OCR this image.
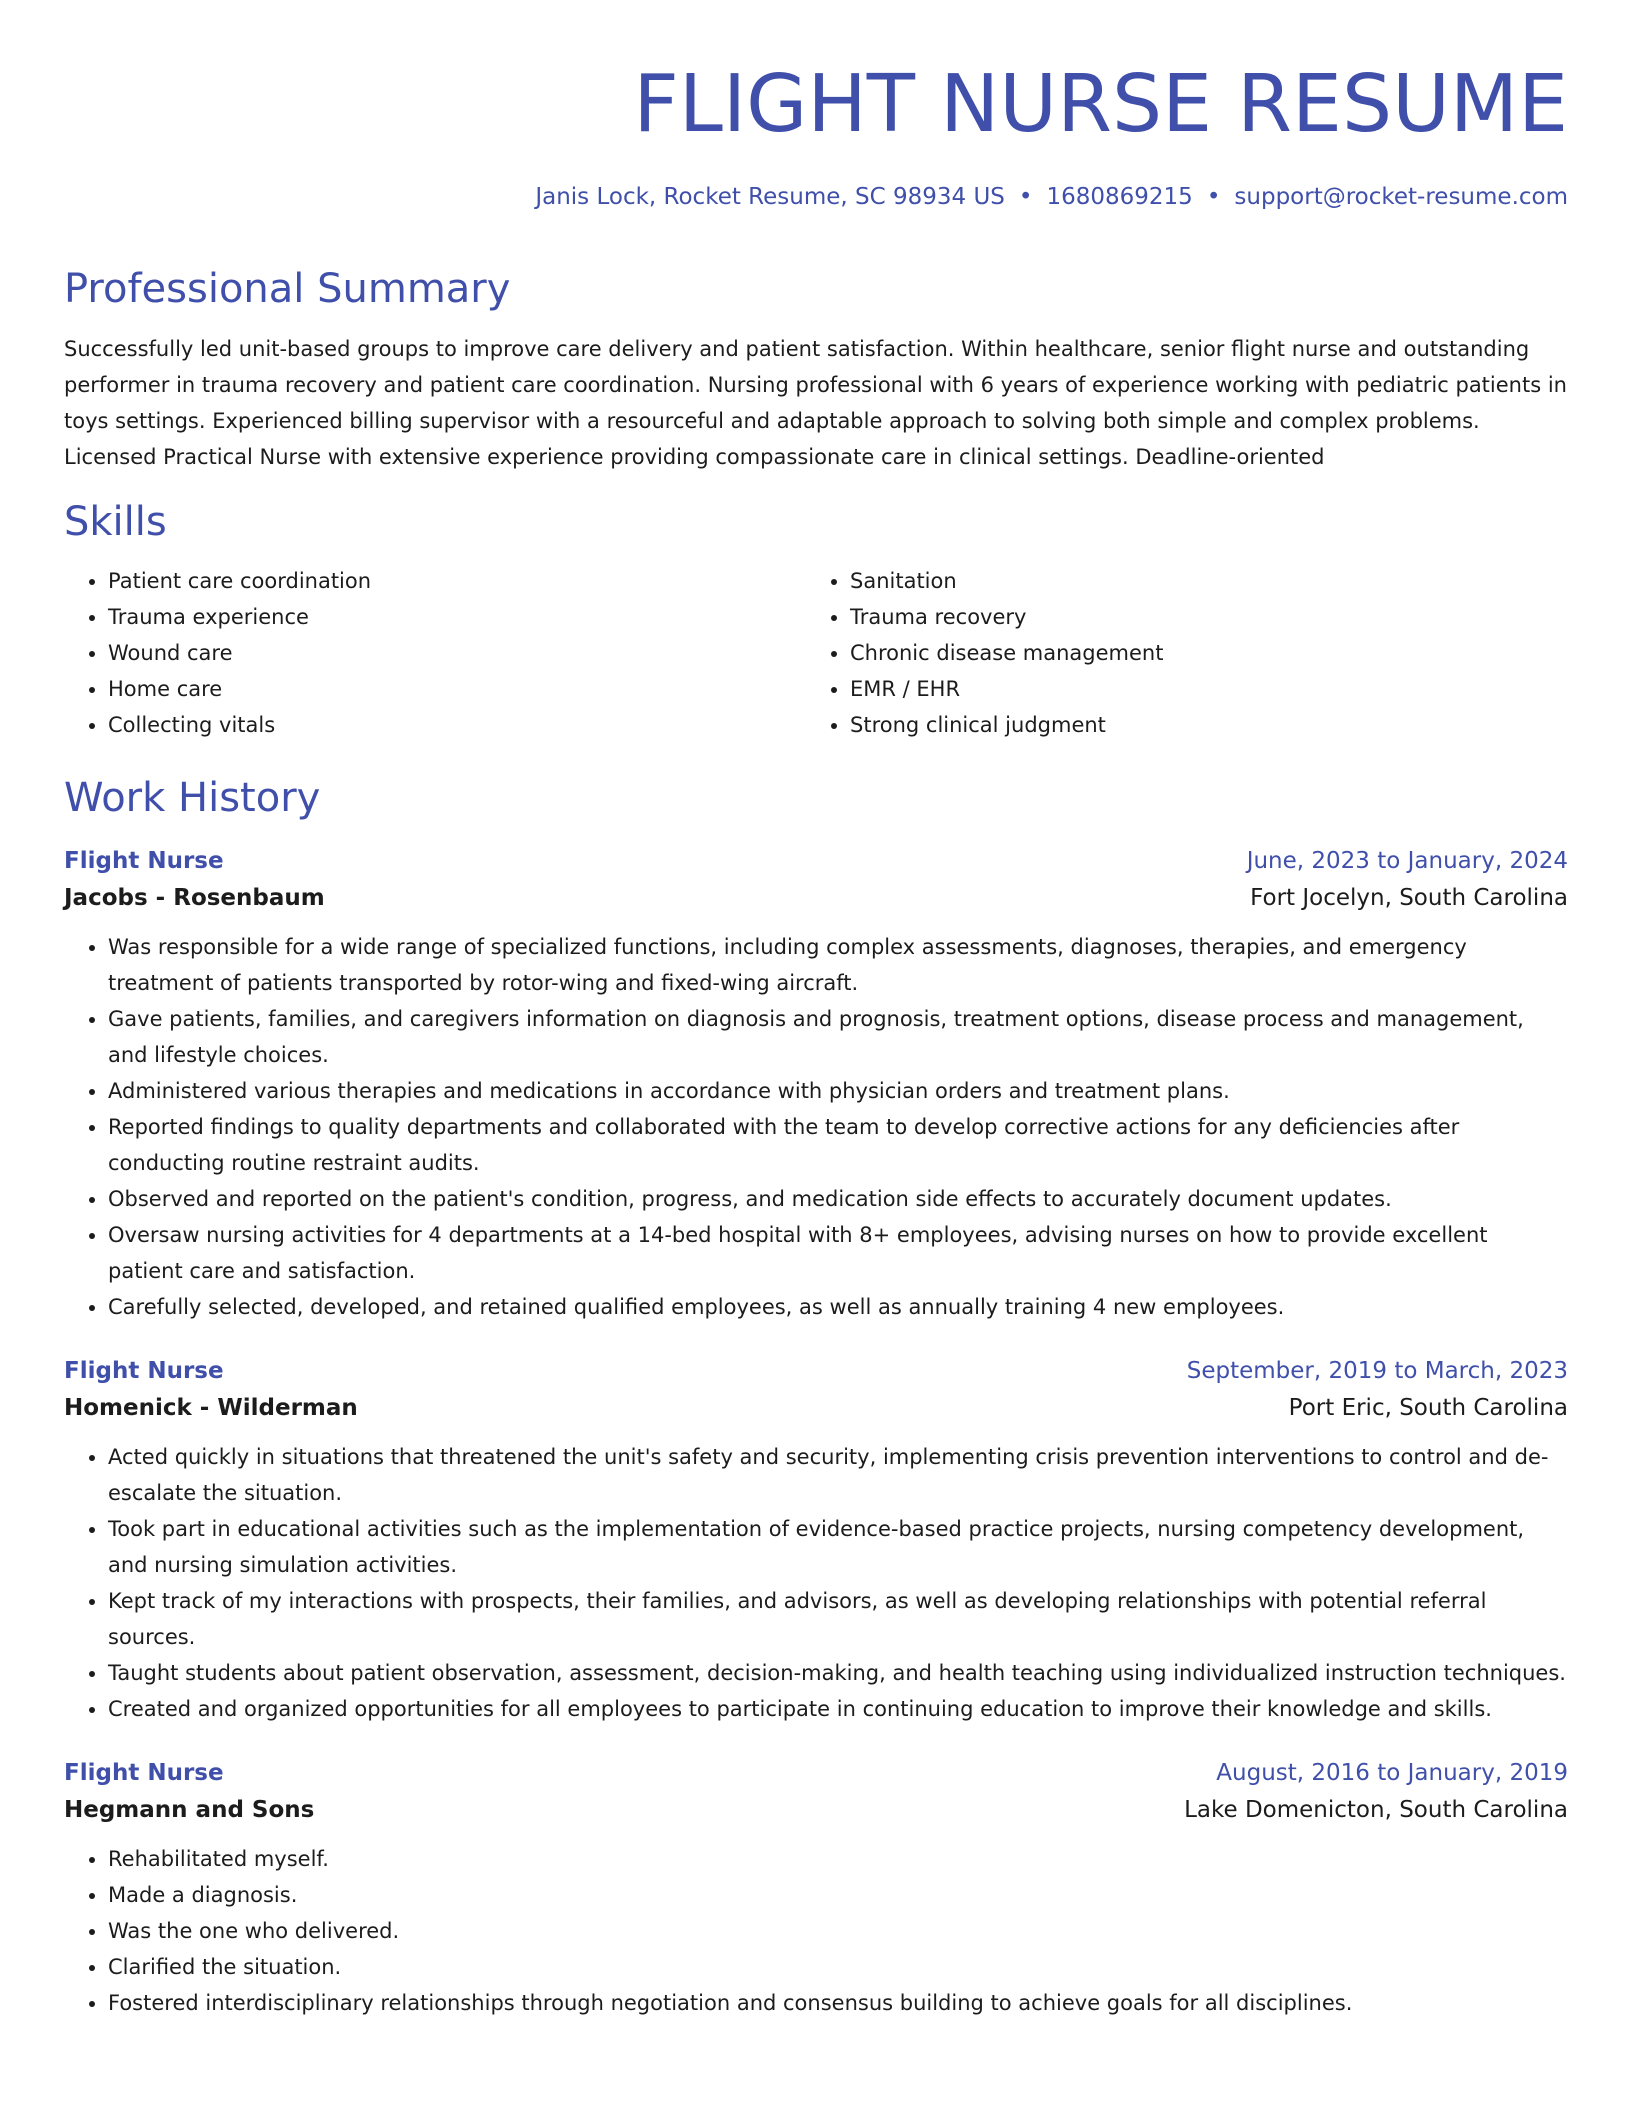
FLIGHT NURSE RESUME
Janis Lock, Rocket Resume, SC 98934 US • 1680869215 • support@rocket-resume.com
Professional Summary

Successfully led unit-based groups to improve care delivery and patient satisfaction. Within healthcare, senior flight nurse and outstanding performer in trauma recovery and patient care coordination. Nursing professional with 6 years of experience working with pediatric patients in toys settings. Experienced billing supervisor with a resourceful and adaptable approach to solving both simple and complex problems. Licensed Practical Nurse with extensive experience providing compassionate care in clinical settings. Deadline-oriented

Skills
• Patient care coordination
• Trauma experience
• Wound care
• Home care
• Collecting vitals
• Sanitation
• Trauma recovery
• Chronic disease management
• EMR / EHR
• Strong clinical judgment
Work History
Flight Nurse	June, 2023 to January, 2024
Jacobs - Rosenbaum	Fort Jocelyn, South Carolina
• Was responsible for a wide range of specialized functions, including complex assessments, diagnoses, therapies, and emergency treatment of patients transported by rotor-wing and fixed-wing aircraft.
• Gave patients, families, and caregivers information on diagnosis and prognosis, treatment options, disease process and management, and lifestyle choices.
• Administered various therapies and medications in accordance with physician orders and treatment plans.
• Reported findings to quality departments and collaborated with the team to develop corrective actions for any deficiencies after conducting routine restraint audits.
• Observed and reported on the patient's condition, progress, and medication side effects to accurately document updates.
• Oversaw nursing activities for 4 departments at a 14-bed hospital with 8+ employees, advising nurses on how to provide excellent patient care and satisfaction.
• Carefully selected, developed, and retained qualified employees, as well as annually training 4 new employees.
Flight Nurse	September, 2019 to March, 2023
Homenick - Wilderman	Port Eric, South Carolina
• Acted quickly in situations that threatened the unit's safety and security, implementing crisis prevention interventions to control and de-escalate the situation.
• Took part in educational activities such as the implementation of evidence-based practice projects, nursing competency development, and nursing simulation activities.
• Kept track of my interactions with prospects, their families, and advisors, as well as developing relationships with potential referral sources.
• Taught students about patient observation, assessment, decision-making, and health teaching using individualized instruction techniques.
• Created and organized opportunities for all employees to participate in continuing education to improve their knowledge and skills.
Flight Nurse	August, 2016 to January, 2019
Hegmann and Sons	Lake Domenicton, South Carolina
• Rehabilitated myself.
• Made a diagnosis.
• Was the one who delivered.
• Clarified the situation.
• Fostered interdisciplinary relationships through negotiation and consensus building to achieve goals for all disciplines.
